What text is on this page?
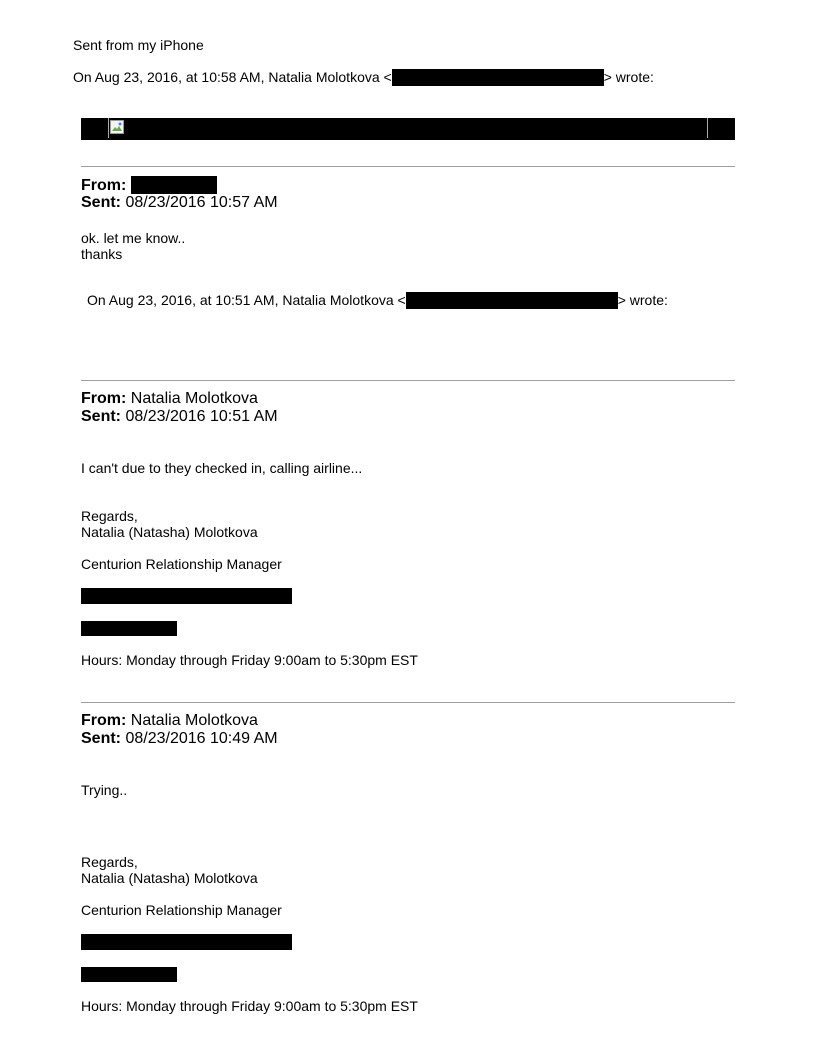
Sent from my iPhone
On Aug 23, 2016, at 10:58 AM, Natalia Molotkova <	> wrote:
From:
Sent: 08/23/2016 10:57 AM
ok. let me know..
thanks
On Aug 23, 2016, at 10:51 AM, Natalia Molotkova <	> wrote:
From: Natalia Molotkova
Sent: 08/23/2016 10:51 AM
I can't due to they checked in, calling airline...
Regards,
Natalia (Natasha) Molotkova
Centurion Relationship Manager
Hours: Monday through Friday 9:00am to 5:30pm EST
From: Natalia Molotkova
Sent: 08/23/2016 10:49 AM
Trying..
Regards,
Natalia (Natasha) Molotkova
Centurion Relationship Manager
Hours: Monday through Friday 9:00am to 5:30pm EST
